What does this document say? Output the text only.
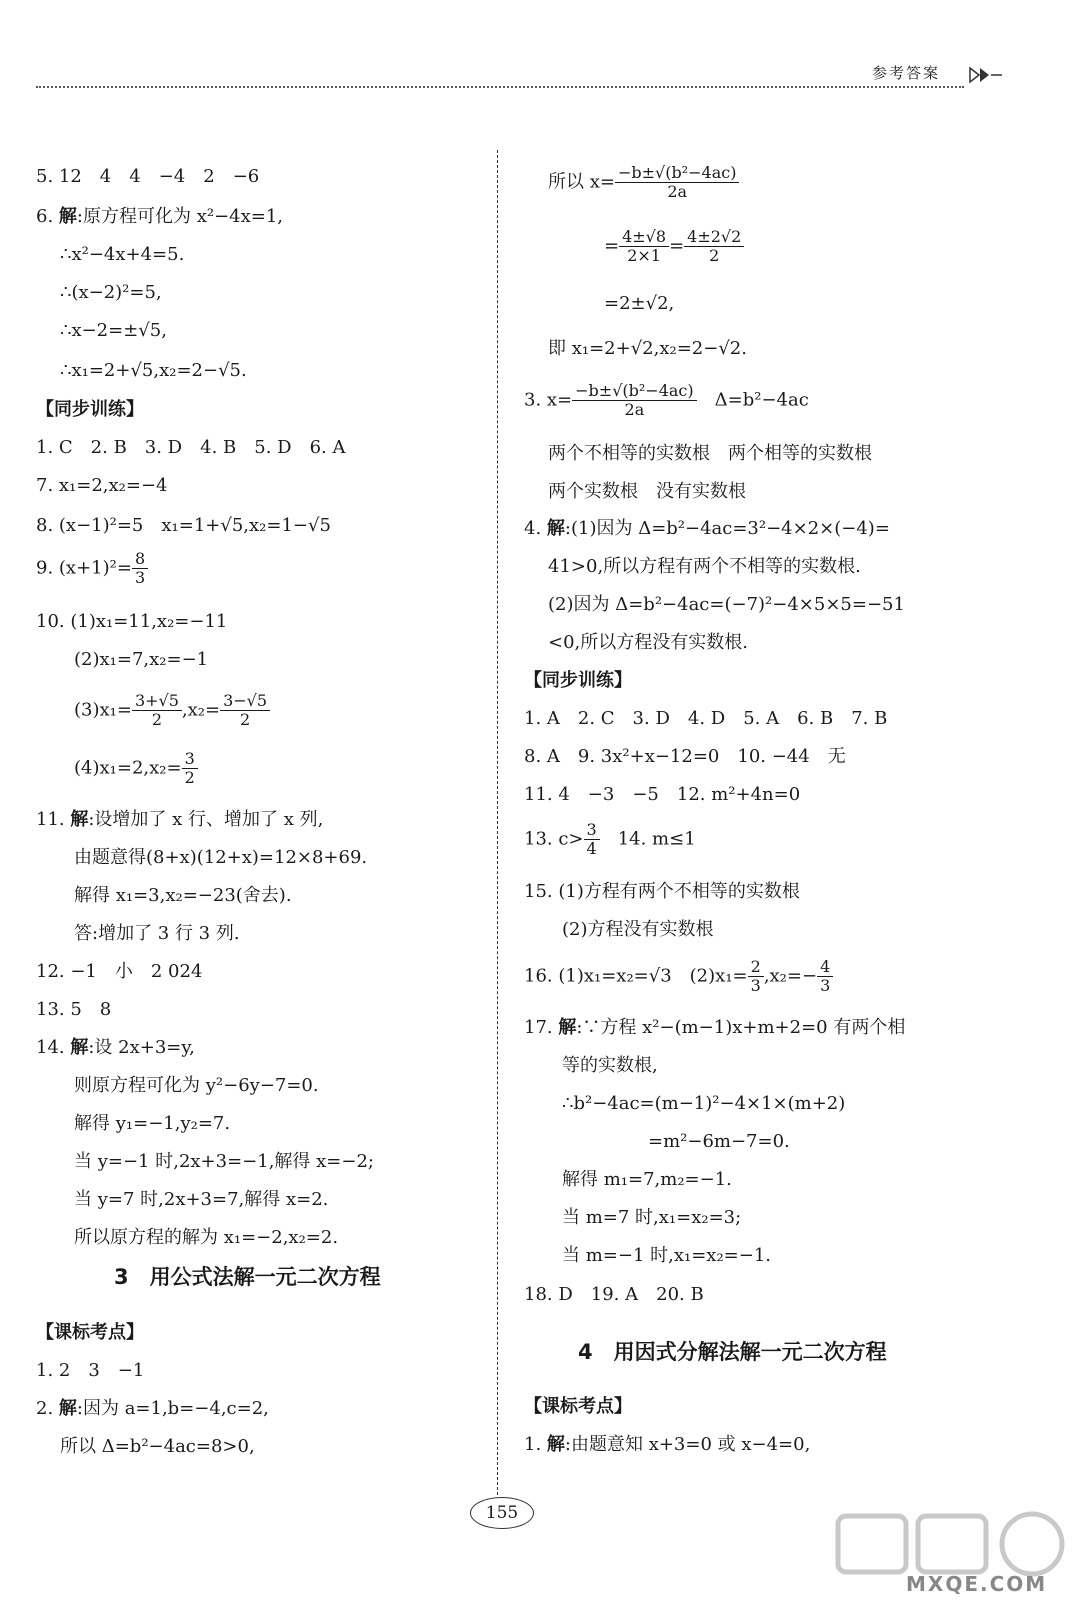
参考答案
5. 12　4　4　−4　2　−6
6. 解:原方程可化为 x²−4x=1,
∴x²−4x+4=5.
∴(x−2)²=5,
∴x−2=±√5,
∴x₁=2+√5,x₂=2−√5.
【同步训练】
1. C　2. B　3. D　4. B　5. D　6. A
7. x₁=2,x₂=−4
8. (x−1)²=5　x₁=1+√5,x₂=1−√5
9. $(x+1)^2= \frac{8}{3}$
10. (1)x₁=11,x₂=−11
(2)x₁=7,x₂=−1
$(3)x_1= \frac{3+√5}{2} ,x_2= \frac{3-√5}{2}$
$(4)x_1=2,x_2= \frac{3}{2}$
11. 解:设增加了 x 行、增加了 x 列,
由题意得(8+x)(12+x)=12×8+69.
解得 x₁=3,x₂=−23(舍去).
答:增加了 3 行 3 列.
12. −1　小　2 024
13. 5　8
14. 解:设 2x+3=y,
则原方程可化为 y²−6y−7=0.
解得 y₁=−1,y₂=7.
当 y=−1 时,2x+3=−1,解得 x=−2;
当 y=7 时,2x+3=7,解得 x=2.
所以原方程的解为 x₁=−2,x₂=2.
3　用公式法解一元二次方程
【课标考点】
1. 2　3　−1
2. 解:因为 a=1,b=−4,c=2,
所以 Δ=b²−4ac=8>0,
所以 $x= \frac{\text{−b±√(b²−4ac)}}{2a}$
= $\frac{4\pm√8}{2\times 1} = \frac{4\pm 2√2}{2}$
=2±√2,
即 x₁=2+√2,x₂=2−√2.
3. $x= \frac{\text{−b±√(b²−4ac)}}{2a}$ 　Δ=b²−4ac
两个不相等的实数根　两个相等的实数根
两个实数根　没有实数根
4. 解:(1)因为 Δ=b²−4ac=3²−4×2×(−4)=
41>0,所以方程有两个不相等的实数根.
(2)因为 Δ=b²−4ac=(−7)²−4×5×5=−51
<0,所以方程没有实数根.
【同步训练】
1. A　2. C　3. D　4. D　5. A　6. B　7. B
8. A　9. 3x²+x−12=0　10. −44　无
11. 4　−3　−5　12. m²+4n=0
13. $c> \frac{3}{4}$ 　14. m≤1
15. (1)方程有两个不相等的实数根
(2)方程没有实数根
16. (1)x₁=x₂=√3　$(2)x_1= \frac{2}{3} ,x_2=- \frac{4}{3}$
17. 解:∵方程 x²−(m−1)x+m+2=0 有两个相
等的实数根,
∴b²−4ac=(m−1)²−4×1×(m+2)
=m²−6m−7=0.
解得 m₁=7,m₂=−1.
当 m=7 时,x₁=x₂=3;
当 m=−1 时,x₁=x₂=−1.
18. D　19. A　20. B
4　用因式分解法解一元二次方程
【课标考点】
1. 解:由题意知 x+3=0 或 x−4=0,
155
MXQE.COM
